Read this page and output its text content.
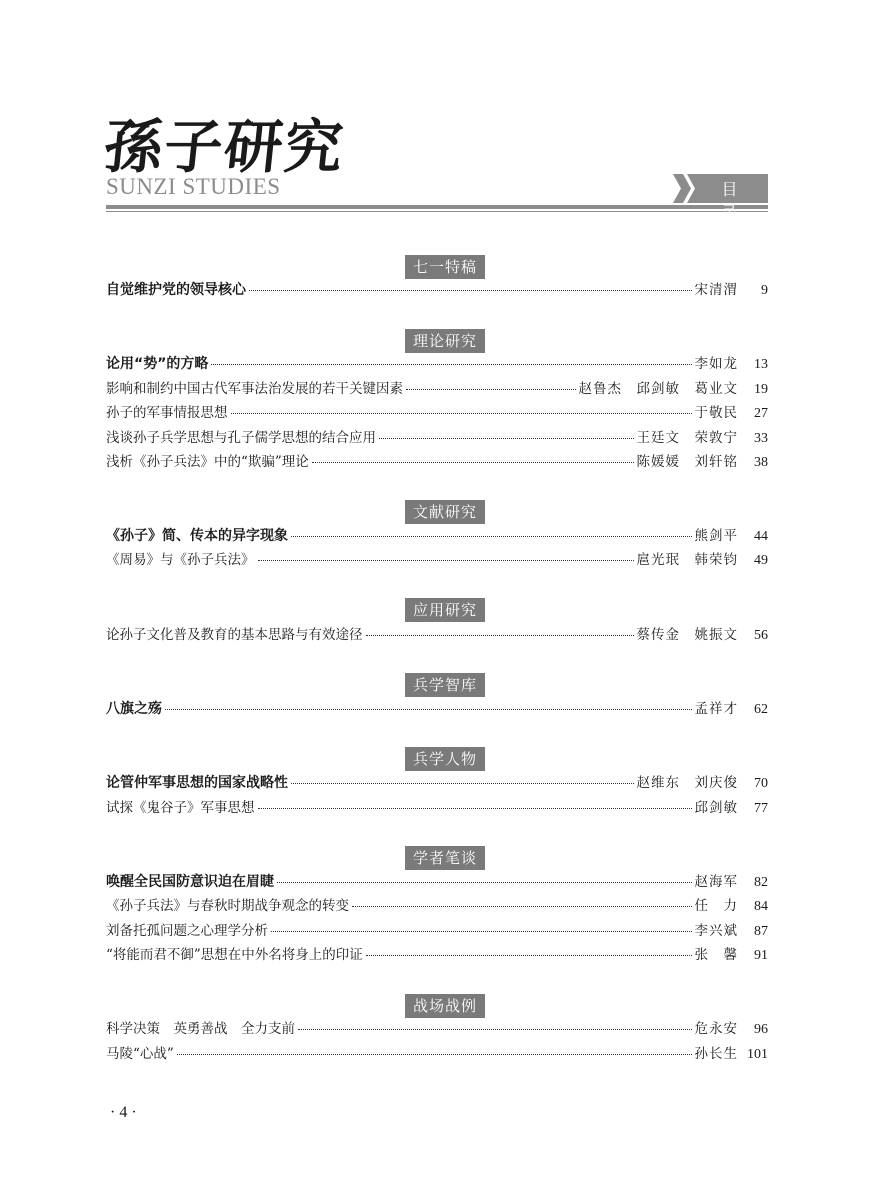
孫子研究
SUNZI STUDIES	目 录
七一特稿
自觉维护党的领导核心	宋清渭	9
理论研究
论用“势”的方略	李如龙	13
影响和制约中国古代军事法治发展的若干关键因素	赵鲁杰　邱剑敏　葛业文	19
孙子的军事情报思想	于敬民	27
浅谈孙子兵学思想与孔子儒学思想的结合应用	王廷文　荣敦宁	33
浅析《孙子兵法》中的“欺骗”理论	陈媛媛　刘轩铭	38
文献研究
《孙子》简、传本的异字现象	熊剑平	44
《周易》与《孙子兵法》	扈光珉　韩荣钧	49
应用研究
论孙子文化普及教育的基本思路与有效途径	蔡传金　姚振文	56
兵学智库
八旗之殇	孟祥才	62
兵学人物
论管仲军事思想的国家战略性	赵维东　刘庆俊	70
试探《鬼谷子》军事思想	邱剑敏	77
学者笔谈
唤醒全民国防意识迫在眉睫	赵海军	82
《孙子兵法》与春秋时期战争观念的转变	任　力	84
刘备托孤问题之心理学分析	李兴斌	87
“将能而君不御”思想在中外名将身上的印证	张　馨	91
战场战例
科学决策　英勇善战　全力支前	危永安	96
马陵“心战”	孙长生 101
· 4 ·
